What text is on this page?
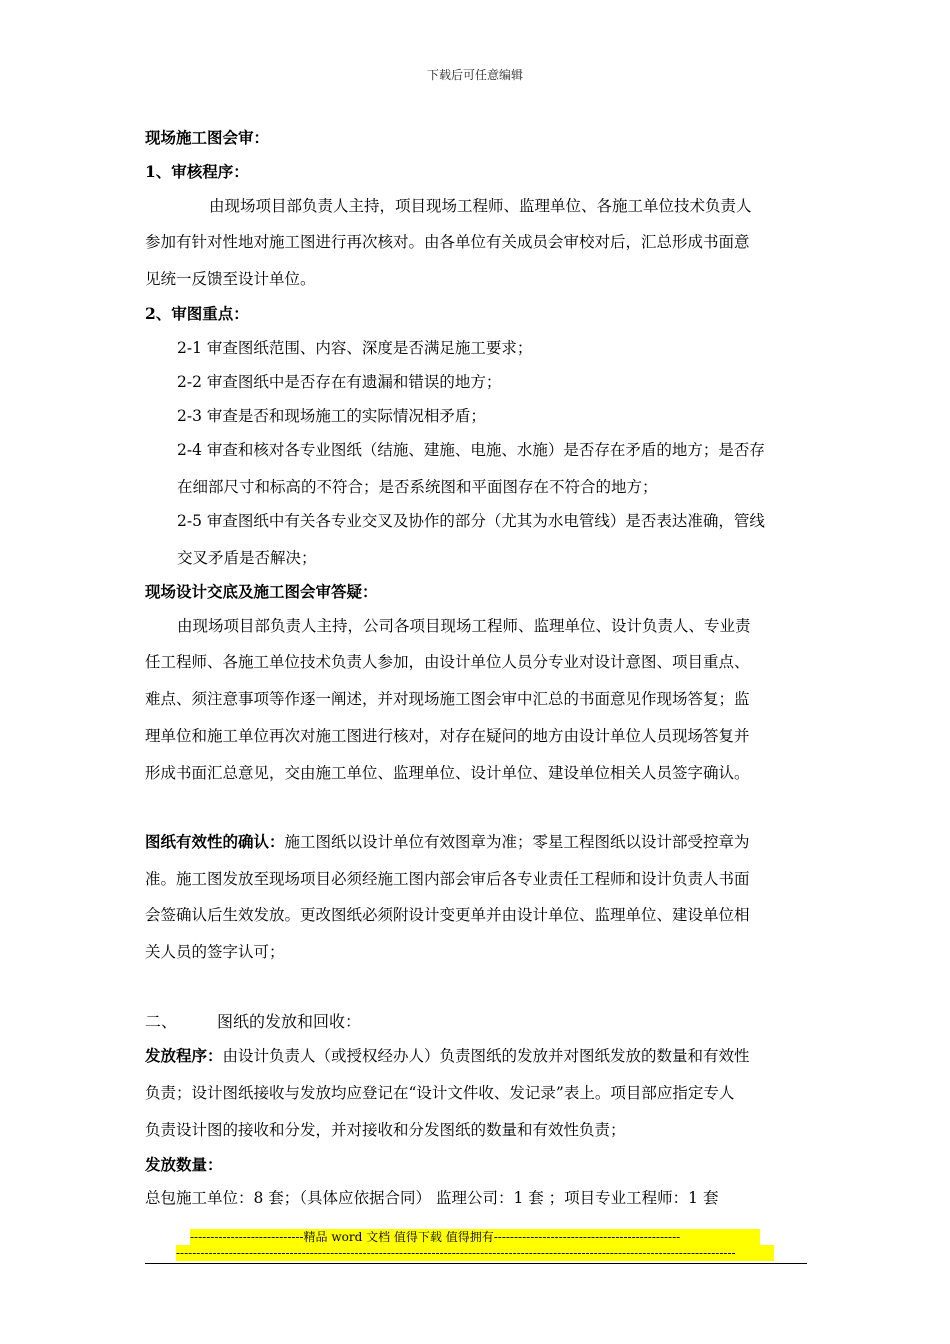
下载后可任意编辑
现场施工图会审：
1、审核程序：
由现场项目部负责人主持，项目现场工程师、监理单位、各施工单位技术负责人
参加有针对性地对施工图进行再次核对。由各单位有关成员会审校对后，汇总形成书面意
见统一反馈至设计单位。
2、审图重点：
2-1 审查图纸范围、内容、深度是否满足施工要求；
2-2 审查图纸中是否存在有遗漏和错误的地方；
2-3 审查是否和现场施工的实际情况相矛盾；
2-4 审查和核对各专业图纸（结施、建施、电施、水施）是否存在矛盾的地方；是否存
在细部尺寸和标高的不符合；是否系统图和平面图存在不符合的地方；
2-5 审查图纸中有关各专业交叉及协作的部分（尤其为水电管线）是否表达准确，管线
交叉矛盾是否解决；
现场设计交底及施工图会审答疑：
由现场项目部负责人主持，公司各项目现场工程师、监理单位、设计负责人、专业责
任工程师、各施工单位技术负责人参加，由设计单位人员分专业对设计意图、项目重点、
难点、须注意事项等作逐一阐述，并对现场施工图会审中汇总的书面意见作现场答复；监
理单位和施工单位再次对施工图进行核对，对存在疑问的地方由设计单位人员现场答复并
形成书面汇总意见，交由施工单位、监理单位、设计单位、建设单位相关人员签字确认。
图纸有效性的确认：施工图纸以设计单位有效图章为准；零星工程图纸以设计部受控章为
准。施工图发放至现场项目必须经施工图内部会审后各专业责任工程师和设计负责人书面
会签确认后生效发放。更改图纸必须附设计变更单并由设计单位、监理单位、建设单位相
关人员的签字认可；
二、	图纸的发放和回收：
发放程序：由设计负责人（或授权经办人）负责图纸的发放并对图纸发放的数量和有效性
负责；设计图纸接收与发放均应登记在“设计文件收、发记录”表上。项目部应指定专人
负责设计图的接收和分发，并对接收和分发图纸的数量和有效性负责；
发放数量：
总包施工单位：8 套；（具体应依据合同） 监理公司：1 套 ；项目专业工程师：1 套
----------------------------精品 word 文档 值得下载 值得拥有----------------------------------------------
------------------------------------------------------------------------------------------------------------------------------------------
